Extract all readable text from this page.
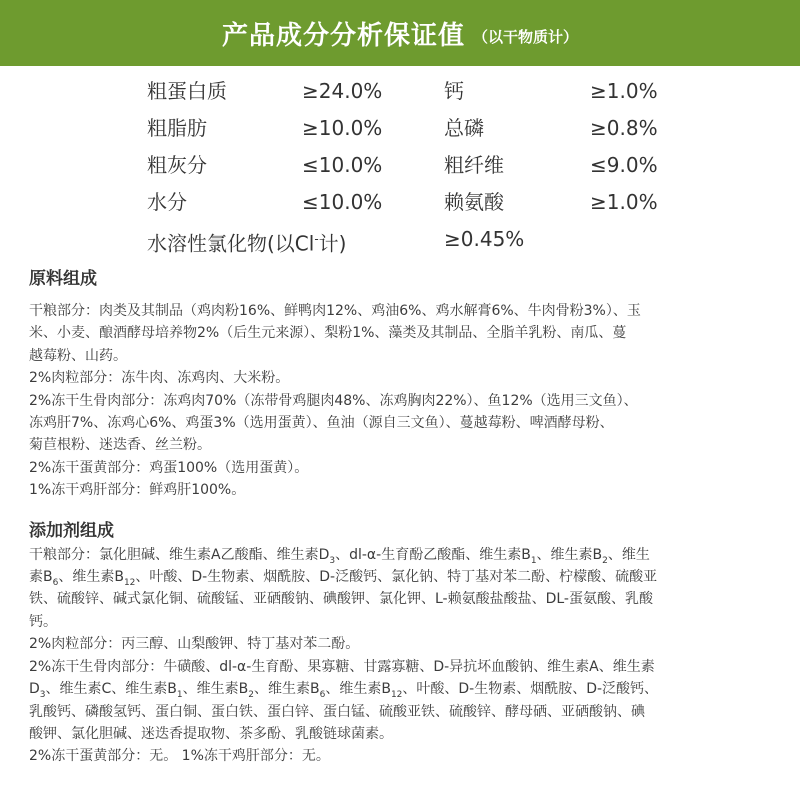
产品成分分析保证值 （以干物质计）
粗蛋白质	≥24.0%	钙	≥1.0%
粗脂肪	≥10.0%	总磷	≥0.8%
粗灰分	≤10.0%	粗纤维	≤9.0%
水分	≤10.0%	赖氨酸	≥1.0%
水溶性氯化物(以Cl-计)	≥0.45%
原料组成

干粮部分：肉类及其制品（鸡肉粉16%、鲜鸭肉12%、鸡油6%、鸡水解膏6%、牛肉骨粉3%）、玉

米、小麦、酿酒酵母培养物2%（后生元来源）、梨粉1%、藻类及其制品、全脂羊乳粉、南瓜、蔓

越莓粉、山药。

2%肉粒部分：冻牛肉、冻鸡肉、大米粉。

2%冻干生骨肉部分：冻鸡肉70%（冻带骨鸡腿肉48%、冻鸡胸肉22%）、鱼12%（选用三文鱼）、

冻鸡肝7%、冻鸡心6%、鸡蛋3%（选用蛋黄）、鱼油（源自三文鱼）、蔓越莓粉、啤酒酵母粉、

菊苣根粉、迷迭香、丝兰粉。

2%冻干蛋黄部分：鸡蛋100%（选用蛋黄）。

1%冻干鸡肝部分：鲜鸡肝100%。

添加剂组成

干粮部分：氯化胆碱、维生素A乙酸酯、维生素$D_3$、dl-α-生育酚乙酸酯、维生素$B_1$、维生素$B_2$、维生

素$B_6$、维生素$B_{12}$、叶酸、D-生物素、烟酰胺、D-泛酸钙、氯化钠、特丁基对苯二酚、柠檬酸、硫酸亚

铁、硫酸锌、碱式氯化铜、硫酸锰、亚硒酸钠、碘酸钾、氯化钾、L-赖氨酸盐酸盐、DL-蛋氨酸、乳酸

钙。

2%肉粒部分：丙三醇、山梨酸钾、特丁基对苯二酚。

2%冻干生骨肉部分：牛磺酸、dl-α-生育酚、果寡糖、甘露寡糖、D-异抗坏血酸钠、维生素A、维生素

$D_3$、维生素C、维生素$B_1$、维生素$B_2$、维生素$B_6$、维生素$B_{12}$、叶酸、D-生物素、烟酰胺、D-泛酸钙、

乳酸钙、磷酸氢钙、蛋白铜、蛋白铁、蛋白锌、蛋白锰、硫酸亚铁、硫酸锌、酵母硒、亚硒酸钠、碘

酸钾、氯化胆碱、迷迭香提取物、茶多酚、乳酸链球菌素。

2%冻干蛋黄部分：无。 1%冻干鸡肝部分：无。
